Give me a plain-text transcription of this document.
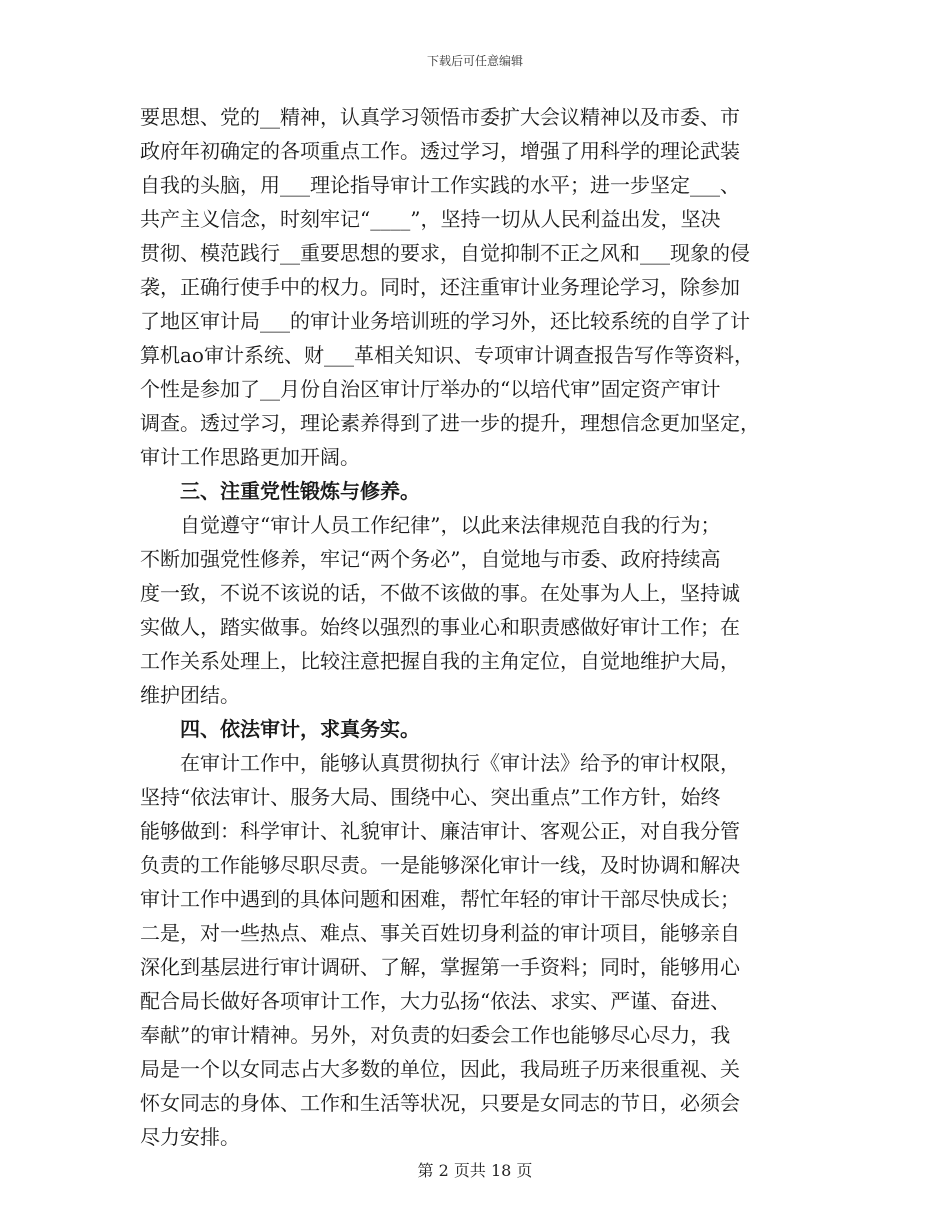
下载后可任意编辑
要思想、党的__精神，认真学习领悟市委扩大会议精神以及市委、市
政府年初确定的各项重点工作。透过学习，增强了用科学的理论武装
自我的头脑，用___理论指导审计工作实践的水平；进一步坚定___、
共产主义信念，时刻牢记“____”，坚持一切从人民利益出发，坚决
贯彻、模范践行__重要思想的要求，自觉抑制不正之风和___现象的侵
袭，正确行使手中的权力。同时，还注重审计业务理论学习，除参加
了地区审计局___的审计业务培训班的学习外，还比较系统的自学了计
算机ao审计系统、财___革相关知识、专项审计调查报告写作等资料，
个性是参加了__月份自治区审计厅举办的“以培代审”固定资产审计
调查。透过学习，理论素养得到了进一步的提升，理想信念更加坚定，
审计工作思路更加开阔。
　　三、注重党性锻炼与修养。
　　自觉遵守“审计人员工作纪律”，以此来法律规范自我的行为；
不断加强党性修养，牢记“两个务必”，自觉地与市委、政府持续高
度一致，不说不该说的话，不做不该做的事。在处事为人上，坚持诚
实做人，踏实做事。始终以强烈的事业心和职责感做好审计工作；在
工作关系处理上，比较注意把握自我的主角定位，自觉地维护大局，
维护团结。
　　四、依法审计，求真务实。
　　在审计工作中，能够认真贯彻执行《审计法》给予的审计权限，
坚持“依法审计、服务大局、围绕中心、突出重点”工作方针，始终
能够做到：科学审计、礼貌审计、廉洁审计、客观公正，对自我分管
负责的工作能够尽职尽责。一是能够深化审计一线，及时协调和解决
审计工作中遇到的具体问题和困难，帮忙年轻的审计干部尽快成长；
二是，对一些热点、难点、事关百姓切身利益的审计项目，能够亲自
深化到基层进行审计调研、了解，掌握第一手资料；同时，能够用心
配合局长做好各项审计工作，大力弘扬“依法、求实、严谨、奋进、
奉献”的审计精神。另外，对负责的妇委会工作也能够尽心尽力，我
局是一个以女同志占大多数的单位，因此，我局班子历来很重视、关
怀女同志的身体、工作和生活等状况，只要是女同志的节日，必须会
尽力安排。
第 2 页共 18 页
